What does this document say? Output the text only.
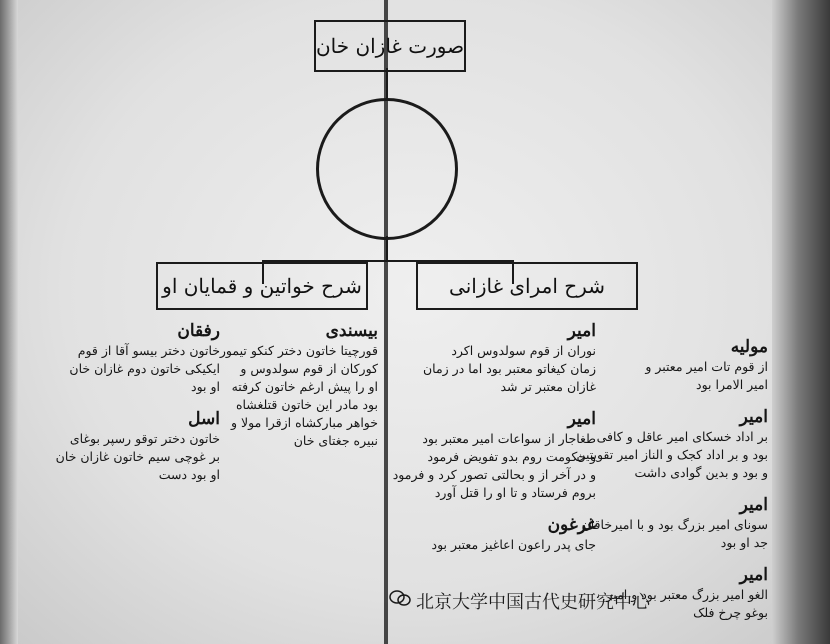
صورت غازان خان
شرح خواتین و قمایان او	شرح امرای غازانی
مولیه
از قوم تات امیر معتبر و
امیر الامرا بود
امیر
بر اداد خسکای امیر عاقل و کافی
بود و بر اداد کجک و الناز امیر تقویتین
و بود و بدین گوادی داشت
امیر
سونای امیر بزرگ بود و با امیرخاقان
جد او بود
امیر
الغو امیر بزرگ معتبر بود و امیر
بوغو چرخ فلک
امیر
نوران از قوم سولدوس اکرد
زمان کیغاتو معتبر بود اما در زمان
غازان معتبر تر شد
امیر
طغاجار از سواعات امیر معتبر بود
و حکومت روم بدو تفویض فرمود
و در آخر از و بحالتی تصور کرد و فرمود
بروم فرستاد و تا او را قتل آورد
غرغون
جای پدر راعون اعاغیز معتبر بود
بیسندی
قورچیتا خاتون دختر کنکو تیمور
کورکان از قوم سولدوس و
او را پیش ارغم خاتون کرفته
بود مادر این خاتون قتلغشاه
خواهر مبارکشاه ازقرا مولا و
نبیره جغتای خان
رفقان
خاتون دختر بیسو آقا از قوم
ایکیکی خاتون دوم غازان خان
او بود
اسل
خاتون دختر توقو رسپر بوغای
بر غوچی سیم خاتون غازان خان
او بود دست
北京大学中国古代史研究中心
